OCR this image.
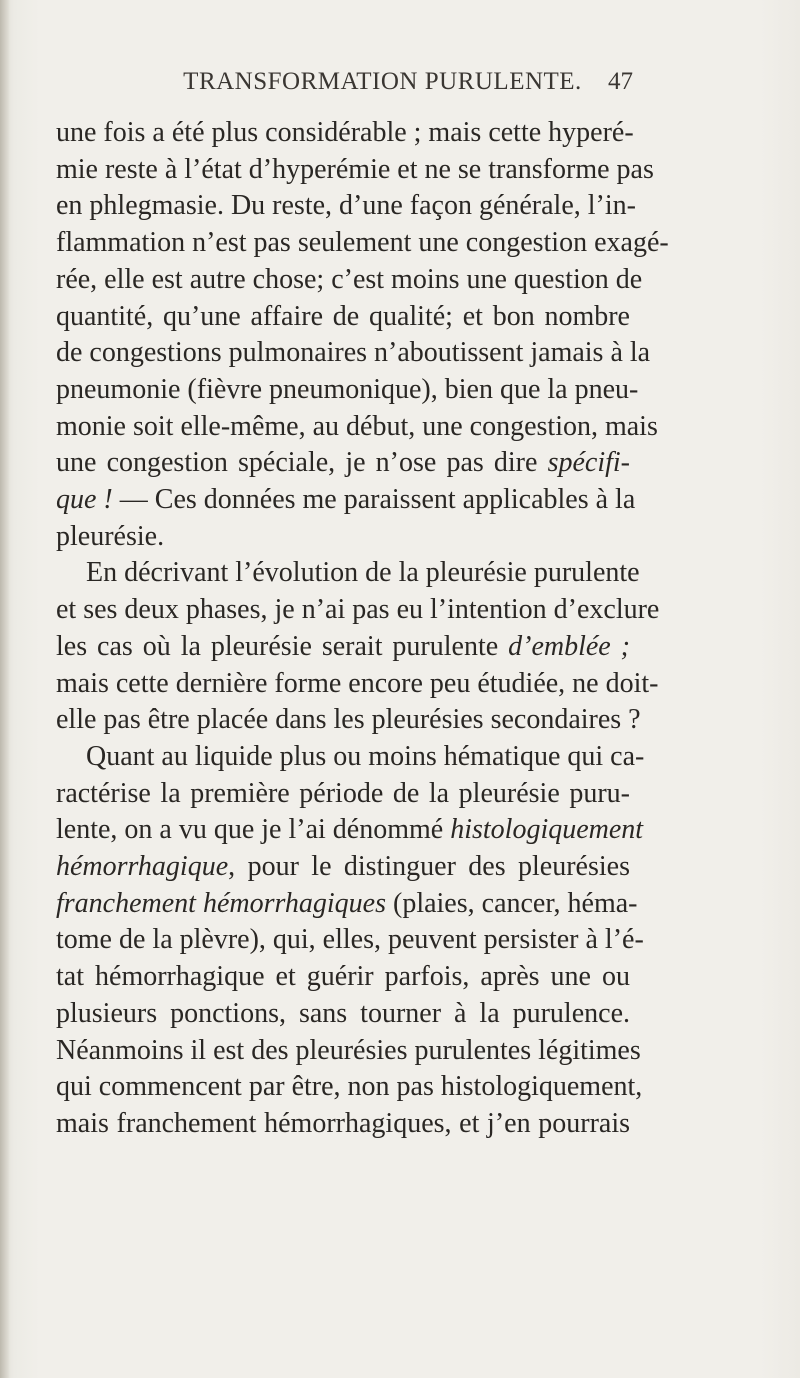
TRANSFORMATION PURULENTE.	47
une fois a été plus considérable ; mais cette hyperé-
mie reste à l’état d’hyperémie et ne se transforme pas
en phlegmasie. Du reste, d’une façon générale, l’in-
flammation n’est pas seulement une congestion exagé-
rée, elle est autre chose; c’est moins une question de
quantité, qu’une affaire de qualité; et bon nombre
de congestions pulmonaires n’aboutissent jamais à la
pneumonie (fièvre pneumonique), bien que la pneu-
monie soit elle-même, au début, une congestion, mais
une congestion spéciale, je n’ose pas dire spécifi-
que ! — Ces données me paraissent applicables à la
pleurésie.
En décrivant l’évolution de la pleurésie purulente
et ses deux phases, je n’ai pas eu l’intention d’exclure
les cas où la pleurésie serait purulente d’emblée ;
mais cette dernière forme encore peu étudiée, ne doit-
elle pas être placée dans les pleurésies secondaires ?
Quant au liquide plus ou moins hématique qui ca-
ractérise la première période de la pleurésie puru-
lente, on a vu que je l’ai dénommé histologiquement
hémorrhagique, pour le distinguer des pleurésies
franchement hémorrhagiques (plaies, cancer, héma-
tome de la plèvre), qui, elles, peuvent persister à l’é-
tat hémorrhagique et guérir parfois, après une ou
plusieurs ponctions, sans tourner à la purulence.
Néanmoins il est des pleurésies purulentes légitimes
qui commencent par être, non pas histologiquement,
mais franchement hémorrhagiques, et j’en pourrais
